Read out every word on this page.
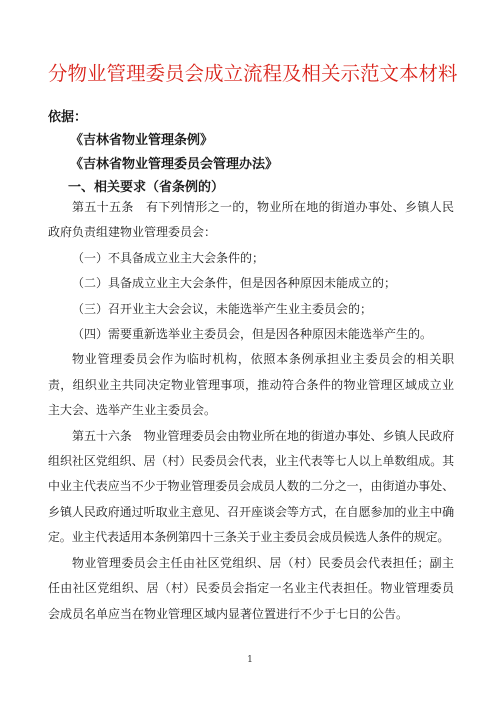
分物业管理委员会成立流程及相关示范文本材料
依据：
《吉林省物业管理条例》
《吉林省物业管理委员会管理办法》
一、相关要求（省条例的）

第五十五条　有下列情形之一的，物业所在地的街道办事处、乡镇人民政府负责组建物业管理委员会：

（一）不具备成立业主大会条件的；

（二）具备成立业主大会条件，但是因各种原因未能成立的；

（三）召开业主大会会议，未能选举产生业主委员会的；

（四）需要重新选举业主委员会，但是因各种原因未能选举产生的。

物业管理委员会作为临时机构，依照本条例承担业主委员会的相关职责，组织业主共同决定物业管理事项，推动符合条件的物业管理区域成立业主大会、选举产生业主委员会。

第五十六条　物业管理委员会由物业所在地的街道办事处、乡镇人民政府组织社区党组织、居（村）民委员会代表，业主代表等七人以上单数组成。其中业主代表应当不少于物业管理委员会成员人数的二分之一，由街道办事处、乡镇人民政府通过听取业主意见、召开座谈会等方式，在自愿参加的业主中确定。业主代表适用本条例第四十三条关于业主委员会成员候选人条件的规定。

物业管理委员会主任由社区党组织、居（村）民委员会代表担任；副主任由社区党组织、居（村）民委员会指定一名业主代表担任。物业管理委员会成员名单应当在物业管理区域内显著位置进行不少于七日的公告。

1
